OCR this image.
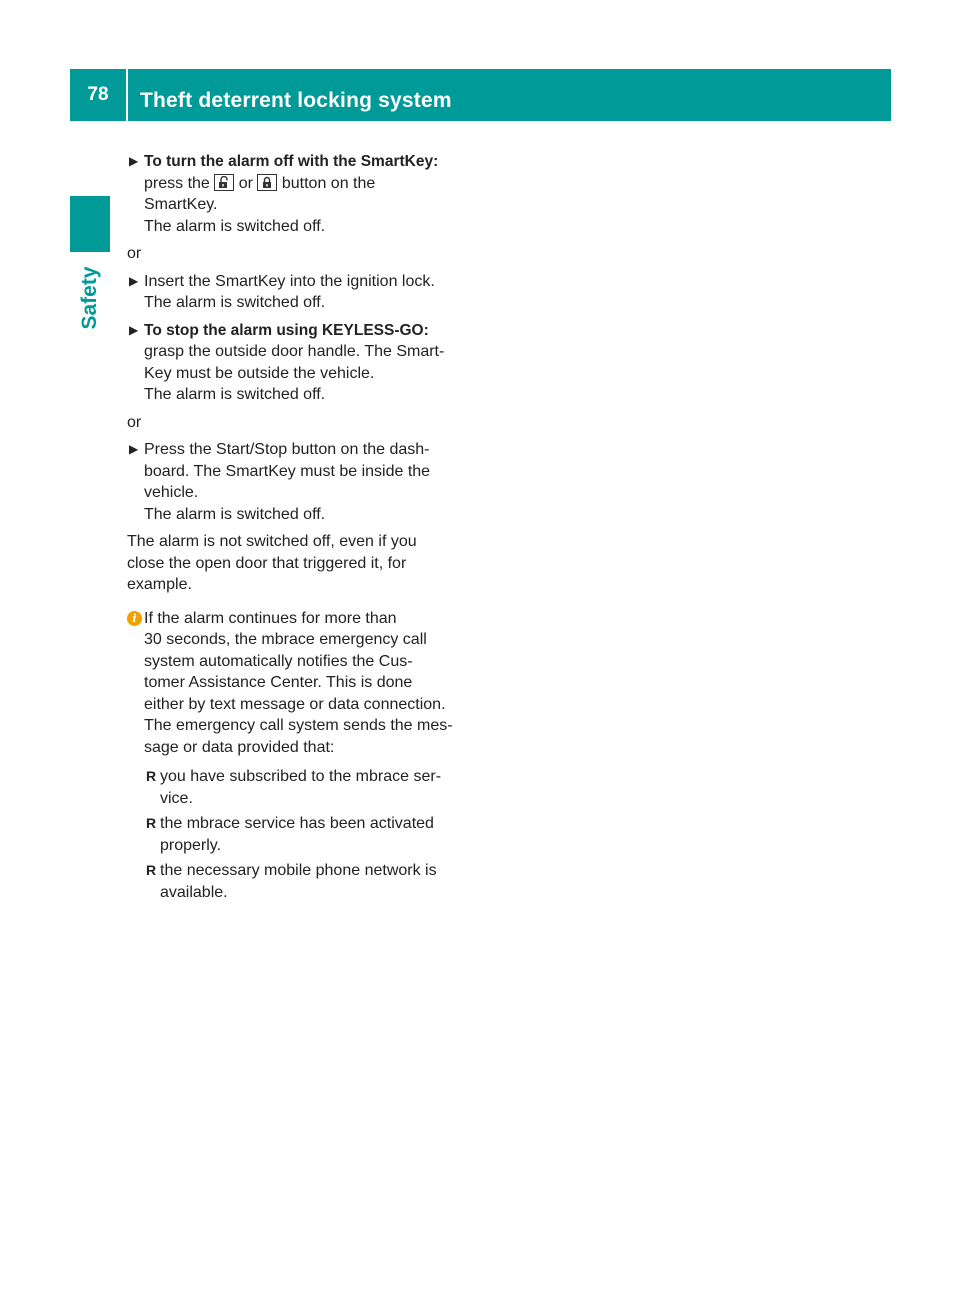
78	Theft deterrent locking system
Safety
▶ To turn the alarm off with the SmartKey:
press the or button on the
SmartKey.
The alarm is switched off.
or
▶ Insert the SmartKey into the ignition lock.
The alarm is switched off.
▶ To stop the alarm using KEYLESS-GO:
grasp the outside door handle. The Smart-
Key must be outside the vehicle.
The alarm is switched off.
or
▶ Press the Start/Stop button on the dash-
board. The SmartKey must be inside the
vehicle.
The alarm is switched off.
The alarm is not switched off, even if you
close the open door that triggered it, for
example.
i If the alarm continues for more than
30 seconds, the mbrace emergency call
system automatically notifies the Cus-
tomer Assistance Center. This is done
either by text message or data connection.
The emergency call system sends the mes-
sage or data provided that:
R you have subscribed to the mbrace ser-
vice.
R the mbrace service has been activated
properly.
R the necessary mobile phone network is
available.
